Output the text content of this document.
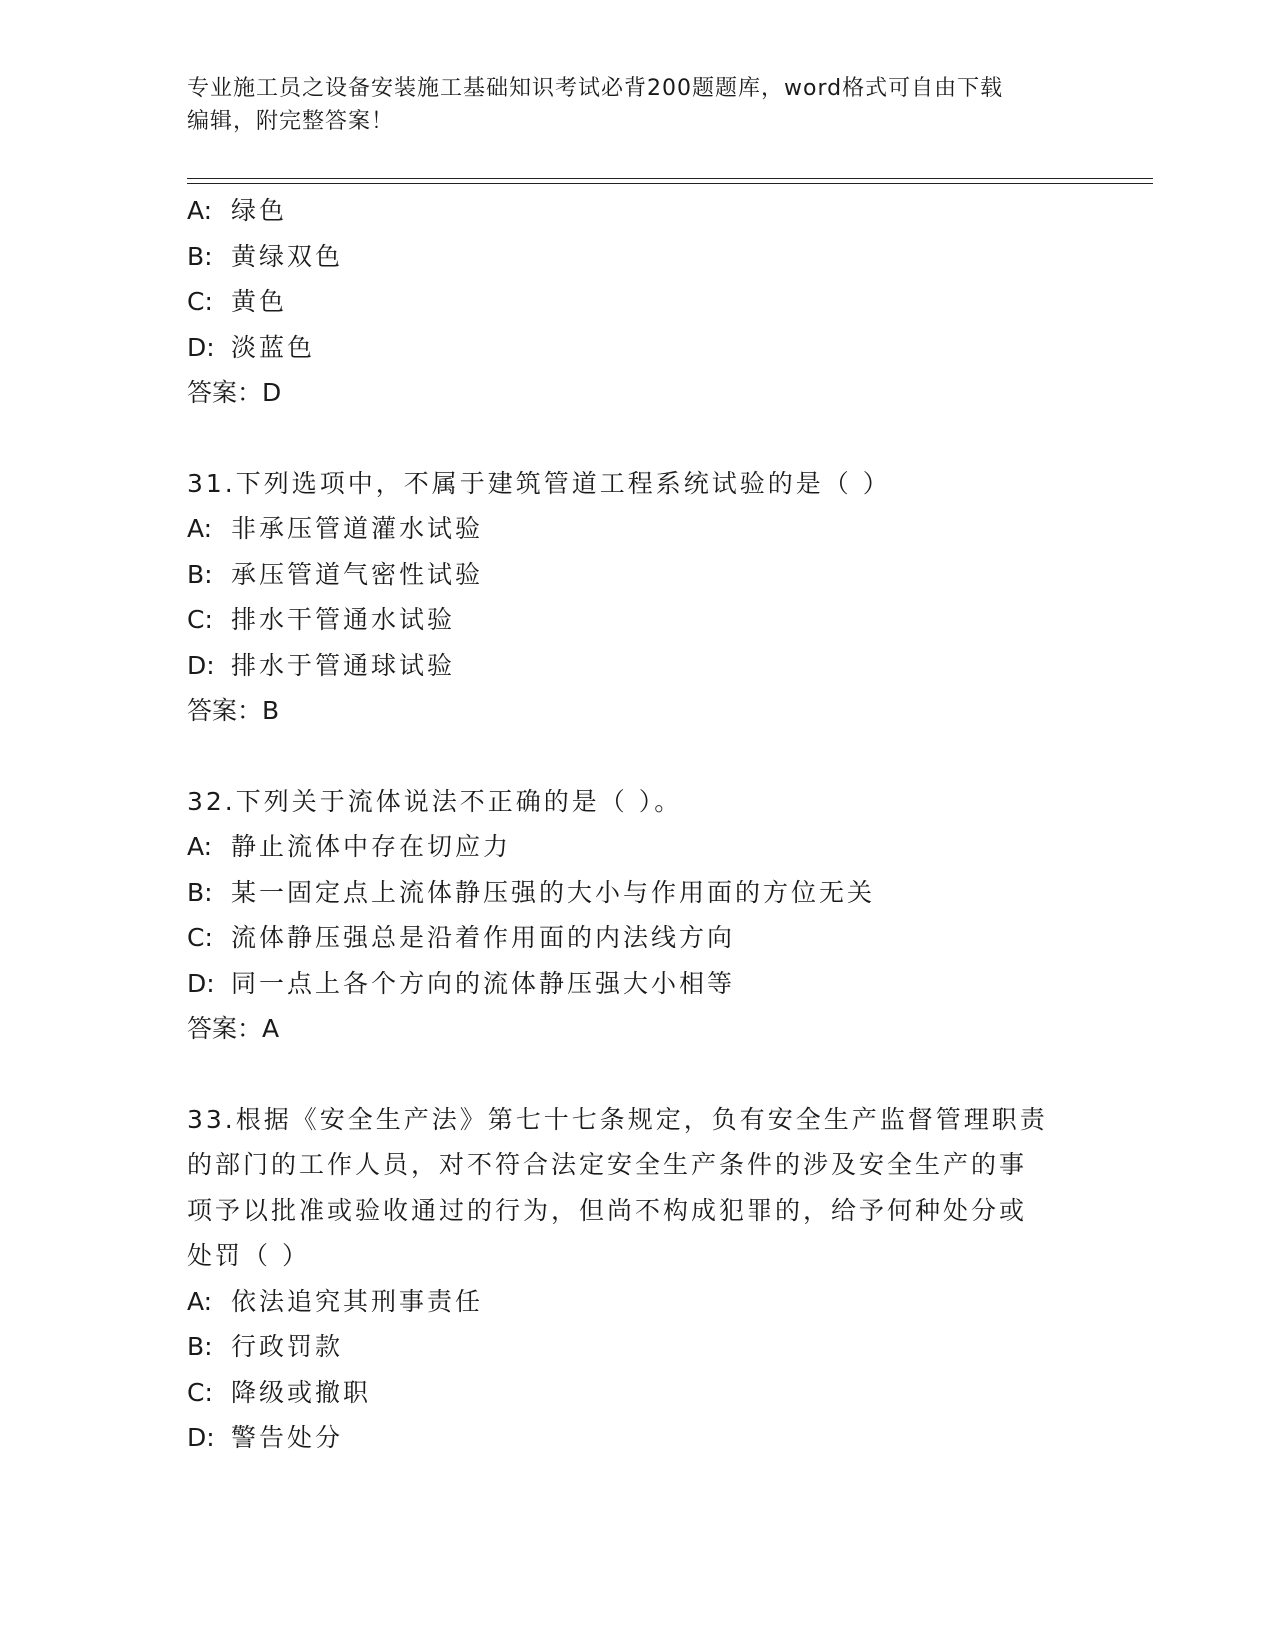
专业施工员之设备安装施工基础知识考试必背200题题库，word格式可自由下载
编辑，附完整答案！
A: 绿色
B: 黄绿双色
C: 黄色
D: 淡蓝色
答案：D
31.下列选项中，不属于建筑管道工程系统试验的是（ ）
A: 非承压管道灌水试验
B: 承压管道气密性试验
C: 排水干管通水试验
D: 排水于管通球试验
答案：B
32.下列关于流体说法不正确的是（ ）。
A: 静止流体中存在切应力
B: 某一固定点上流体静压强的大小与作用面的方位无关
C: 流体静压强总是沿着作用面的内法线方向
D: 同一点上各个方向的流体静压强大小相等
答案：A
33.根据《安全生产法》第七十七条规定，负有安全生产监督管理职责
的部门的工作人员，对不符合法定安全生产条件的涉及安全生产的事
项予以批准或验收通过的行为，但尚不构成犯罪的，给予何种处分或
处罚（ ）
A: 依法追究其刑事责任
B: 行政罚款
C: 降级或撤职
D: 警告处分
